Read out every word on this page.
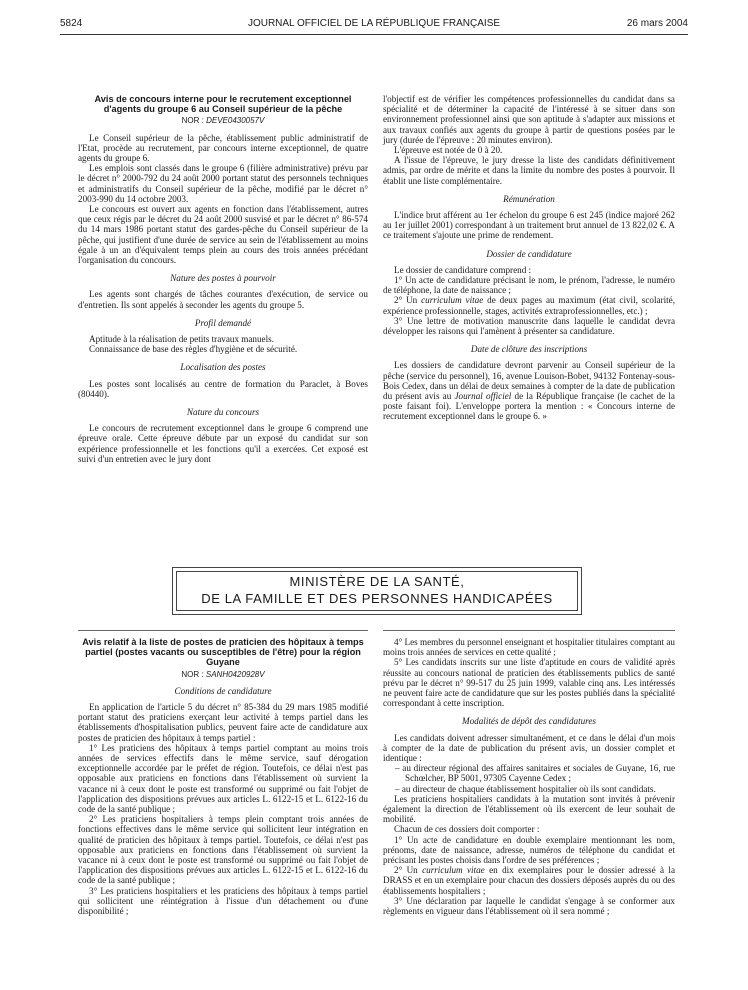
5824	JOURNAL OFFICIEL DE LA RÉPUBLIQUE FRANÇAISE	26 mars 2004
Avis de concours interne pour le recrutement exceptionnel d'agents du groupe 6 au Conseil supérieur de la pêche
NOR : DEVE0430057V

Le Conseil supérieur de la pêche, établissement public administratif de l'Etat, procède au recrutement, par concours interne exceptionnel, de quatre agents du groupe 6.

Les emplois sont classés dans le groupe 6 (filière administrative) prévu par le décret n° 2000-792 du 24 août 2000 portant statut des personnels techniques et administratifs du Conseil supérieur de la pêche, modifié par le décret n° 2003-990 du 14 octobre 2003.

Le concours est ouvert aux agents en fonction dans l'établissement, autres que ceux régis par le décret du 24 août 2000 susvisé et par le décret n° 86-574 du 14 mars 1986 portant statut des gardes-pêche du Conseil supérieur de la pêche, qui justifient d'une durée de service au sein de l'établissement au moins égale à un an d'équivalent temps plein au cours des trois années précédant l'organisation du concours.

Nature des postes à pourvoir

Les agents sont chargés de tâches courantes d'exécution, de service ou d'entretien. Ils sont appelés à seconder les agents du groupe 5.

Profil demandé

Aptitude à la réalisation de petits travaux manuels.

Connaissance de base des règles d'hygiène et de sécurité.

Localisation des postes

Les postes sont localisés au centre de formation du Paraclet, à Boves (80440).

Nature du concours

Le concours de recrutement exceptionnel dans le groupe 6 comprend une épreuve orale. Cette épreuve débute par un exposé du candidat sur son expérience professionnelle et les fonctions qu'il a exercées. Cet exposé est suivi d'un entretien avec le jury dont

l'objectif est de vérifier les compétences professionnelles du candidat dans sa spécialité et de déterminer la capacité de l'intéressé à se situer dans son environnement professionnel ainsi que son aptitude à s'adapter aux missions et aux travaux confiés aux agents du groupe à partir de questions posées par le jury (durée de l'épreuve : 20 minutes environ).

L'épreuve est notée de 0 à 20.

A l'issue de l'épreuve, le jury dresse la liste des candidats définitivement admis, par ordre de mérite et dans la limite du nombre des postes à pourvoir. Il établit une liste complémentaire.

Rémunération

L'indice brut afférent au 1er échelon du groupe 6 est 245 (indice majoré 262 au 1er juillet 2001) correspondant à un traitement brut annuel de 13 822,02 €. A ce traitement s'ajoute une prime de rendement.

Dossier de candidature

Le dossier de candidature comprend :

1° Un acte de candidature précisant le nom, le prénom, l'adresse, le numéro de téléphone, la date de naissance ;

2° Un curriculum vitae de deux pages au maximum (état civil, scolarité, expérience professionnelle, stages, activités extraprofessionnelles, etc.) ;

3° Une lettre de motivation manuscrite dans laquelle le candidat devra développer les raisons qui l'amènent à présenter sa candidature.

Date de clôture des inscriptions

Les dossiers de candidature devront parvenir au Conseil supérieur de la pêche (service du personnel), 16, avenue Louison-Bobet, 94132 Fontenay-sous-Bois Cedex, dans un délai de deux semaines à compter de la date de publication du présent avis au Journal officiel de la République française (le cachet de la poste faisant foi). L'enveloppe portera la mention : « Concours interne de recrutement exceptionnel dans le groupe 6. »

MINISTÈRE DE LA SANTÉ,
DE LA FAMILLE ET DES PERSONNES HANDICAPÉES
Avis relatif à la liste de postes de praticien des hôpitaux à temps partiel (postes vacants ou susceptibles de l'être) pour la région Guyane
NOR : SANH0420928V

Conditions de candidature

En application de l'article 5 du décret n° 85-384 du 29 mars 1985 modifié portant statut des praticiens exerçant leur activité à temps partiel dans les établissements d'hospitalisation publics, peuvent faire acte de candidature aux postes de praticien des hôpitaux à temps partiel :

1° Les praticiens des hôpitaux à temps partiel comptant au moins trois années de services effectifs dans le même service, sauf dérogation exceptionnelle accordée par le préfet de région. Toutefois, ce délai n'est pas opposable aux praticiens en fonctions dans l'établissement où survient la vacance ni à ceux dont le poste est transformé ou supprimé ou fait l'objet de l'application des dispositions prévues aux articles L. 6122-15 et L. 6122-16 du code de la santé publique ;

2° Les praticiens hospitaliers à temps plein comptant trois années de fonctions effectives dans le même service qui sollicitent leur intégration en qualité de praticien des hôpitaux à temps partiel. Toutefois, ce délai n'est pas opposable aux praticiens en fonctions dans l'établissement où survient la vacance ni à ceux dont le poste est transformé ou supprimé ou fait l'objet de l'application des dispositions prévues aux articles L. 6122-15 et L. 6122-16 du code de la santé publique ;

3° Les praticiens hospitaliers et les praticiens des hôpitaux à temps partiel qui sollicitent une réintégration à l'issue d'un détachement ou d'une disponibilité ;

4° Les membres du personnel enseignant et hospitalier titulaires comptant au moins trois années de services en cette qualité ;

5° Les candidats inscrits sur une liste d'aptitude en cours de validité après réussite au concours national de praticien des établissements publics de santé prévu par le décret n° 99-517 du 25 juin 1999, valable cinq ans. Les intéressés ne peuvent faire acte de candidature que sur les postes publiés dans la spécialité correspondant à cette inscription.

Modalités de dépôt des candidatures

Les candidats doivent adresser simultanément, et ce dans le délai d'un mois à compter de la date de publication du présent avis, un dossier complet et identique :

– au directeur régional des affaires sanitaires et sociales de Guyane, 16, rue Schœlcher, BP 5001, 97305 Cayenne Cedex ;

– au directeur de chaque établissement hospitalier où ils sont candidats.

Les praticiens hospitaliers candidats à la mutation sont invités à prévenir également la direction de l'établissement où ils exercent de leur souhait de mobilité.

Chacun de ces dossiers doit comporter :

1° Un acte de candidature en double exemplaire mentionnant les nom, prénoms, date de naissance, adresse, numéros de téléphone du candidat et précisant les postes choisis dans l'ordre de ses préférences ;

2° Un curriculum vitae en dix exemplaires pour le dossier adressé à la DRASS et en un exemplaire pour chacun des dossiers déposés auprès du ou des établissements hospitaliers ;

3° Une déclaration par laquelle le candidat s'engage à se conformer aux règlements en vigueur dans l'établissement où il sera nommé ;
